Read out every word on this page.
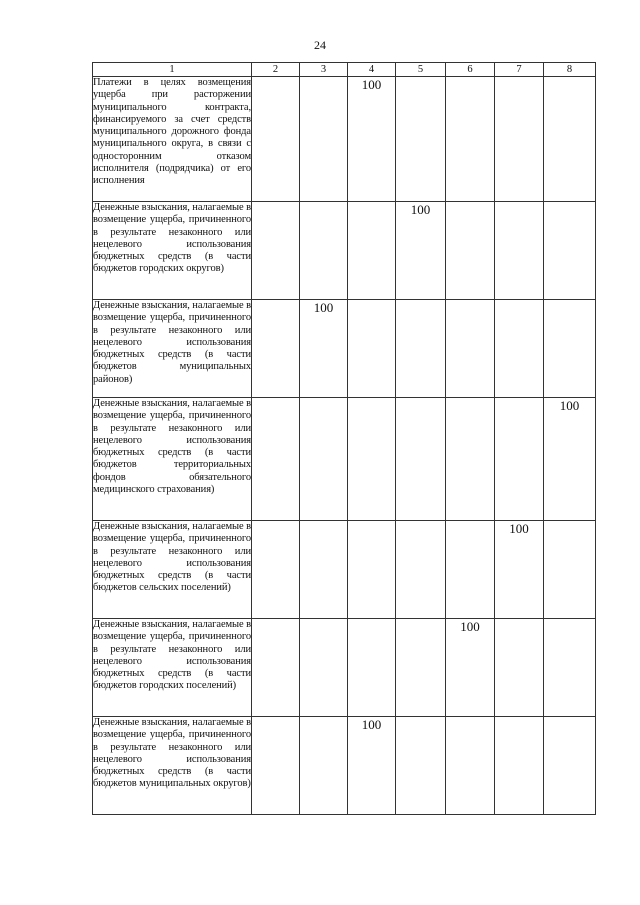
24
1	2	3	4	5	6	7	8
Платежи в целях возмещения ущерба при расторжении муниципального контракта, финансируемого за счет средств муниципального дорожного фонда муниципального округа, в связи с односторонним отказом исполнителя (подрядчика) от его исполнения			100				
Денежные взыскания, налагаемые в возмещение ущерба, причиненного в результате незаконного или нецелевого использования бюджетных средств (в части бюджетов городских округов)				100			
Денежные взыскания, налагаемые в возмещение ущерба, причиненного в результате незаконного или нецелевого использования бюджетных средств (в части бюджетов муниципальных районов)		100					
Денежные взыскания, налагаемые в возмещение ущерба, причиненного в результате незаконного или нецелевого использования бюджетных средств (в части бюджетов территориальных фондов обязательного медицинского страхования)							100
Денежные взыскания, налагаемые в возмещение ущерба, причиненного в результате незаконного или нецелевого использования бюджетных средств (в части бюджетов сельских поселений)						100	
Денежные взыскания, налагаемые в возмещение ущерба, причиненного в результате незаконного или нецелевого использования бюджетных средств (в части бюджетов городских поселений)					100		
Денежные взыскания, налагаемые в возмещение ущерба, причиненного в результате незаконного или нецелевого использования бюджетных средств (в части бюджетов муниципальных округов)			100				
